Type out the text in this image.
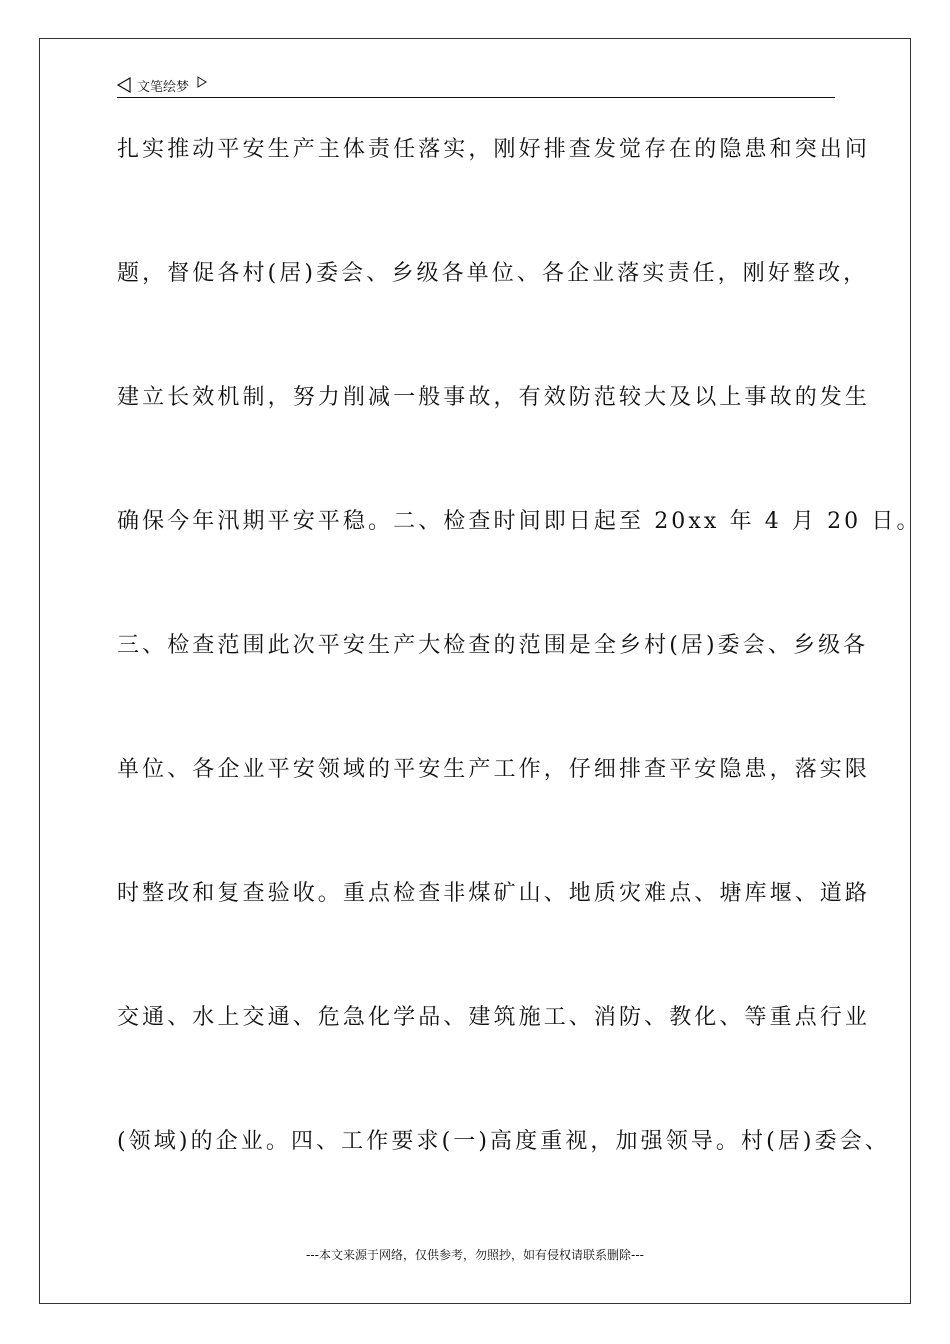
文笔绘梦
扎实推动平安生产主体责任落实，刚好排查发觉存在的隐患和突出问
题，督促各村(居)委会、乡级各单位、各企业落实责任，刚好整改，
建立长效机制，努力削减一般事故，有效防范较大及以上事故的发生
确保今年汛期平安平稳。二、检查时间即日起至 20xx 年 4 月 20 日。
三、检查范围此次平安生产大检查的范围是全乡村(居)委会、乡级各
单位、各企业平安领域的平安生产工作，仔细排查平安隐患，落实限
时整改和复查验收。重点检查非煤矿山、地质灾难点、塘库堰、道路
交通、水上交通、危急化学品、建筑施工、消防、教化、等重点行业
(领域)的企业。四、工作要求(一)高度重视，加强领导。村(居)委会、
---本文来源于网络，仅供参考，勿照抄，如有侵权请联系删除---
